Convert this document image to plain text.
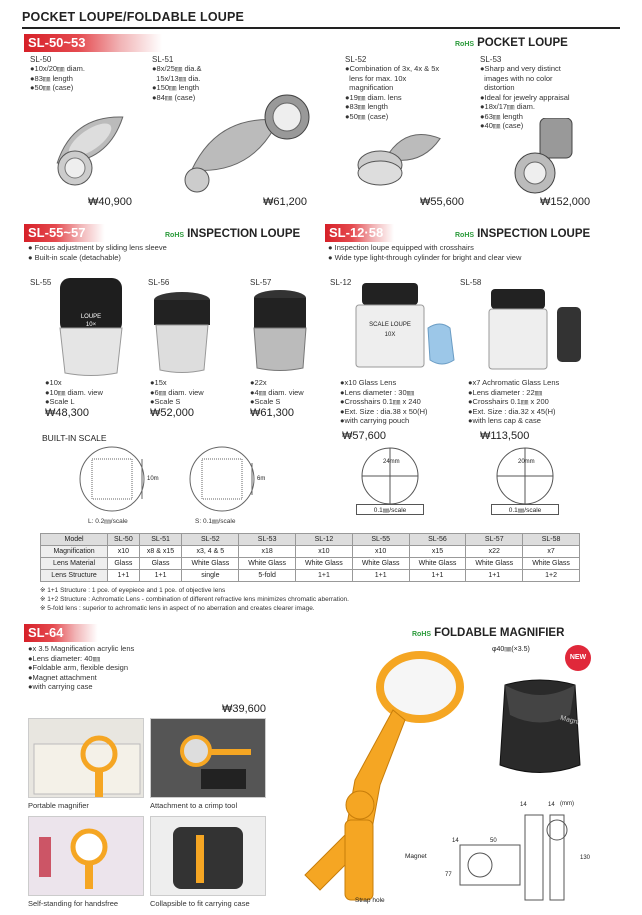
POCKET LOUPE/FOLDABLE LOUPE
SL-50~53	RoHS POCKET LOUPE
SL-50
●10x/20㎜ diam.
●83㎜ length
●50㎜ (case)
SL-51
●8x/25㎜ dia.&
15x/13㎜ dia.
●150㎜ length
●84㎜ (case)
SL-52
●Combination of 3x, 4x & 5x
lens for max. 10x
magnification
●19㎜ diam. lens
●83㎜ length
●50㎜ (case)
SL-53
●Sharp and very distinct
images with no color
distortion
●Ideal for jewelry appraisal
●18x/17㎜ diam.
●63㎜ length
●40㎜ (case)
₩40,900	₩61,200	₩55,600	₩152,000
SL-55~57	RoHS INSPECTION LOUPE
● Focus adjustment by sliding lens sleeve
● Built-in scale (detachable)
SL-55	SL-56	SL-57
LOUPE
10×
●10x
●10㎜ diam. view
●Scale L
●15x
●6㎜ diam. view
●Scale S
●22x
●4㎜ diam. view
●Scale S
₩48,300	₩52,000	₩61,300
BUILT-IN SCALE
10m
L: 0.2㎜/scale
6m
S: 0.1㎜/scale
SL-12·58	RoHS INSPECTION LOUPE
● Inspection loupe equipped with crosshairs
● Wide type light-through cylinder for bright and clear view
SL-12	SL-58
SCALE LOUPE
10X
●x10 Glass Lens
●Lens diameter : 30㎜
●Crosshairs 0.1㎜ x 240
●Ext. Size : dia.38 x 50(H)
●with carrying pouch
●x7 Achromatic Glass Lens
●Lens diameter : 22㎜
●Crosshairs 0.1㎜ x 200
●Ext. Size : dia.32 x 45(H)
●with lens cap & case
₩57,600	₩113,500
24mm
0.1㎜/scale
20mm
0.1㎜/scale
Model	SL-50	SL-51	SL-52	SL-53	SL-12	SL-55	SL-56	SL-57	SL-58
Magnification	x10	x8 & x15	x3, 4 & 5	x18	x10	x10	x15	x22	x7
Lens Material	Glass	Glass	White Glass	White Glass	White Glass	White Glass	White Glass	White Glass	White Glass
Lens Structure	1+1	1+1	single	5-fold	1+1	1+1	1+1	1+1	1+2
※ 1+1 Structure : 1 pce. of eyepiece and 1 pce. of objective lens
※ 1+2 Structure : Achromatic Lens - combination of different refractive lens minimizes chromatic aberration.
※ 5-fold lens : superior to achromatic lens in aspect of no aberration and creates clearer image.
SL-64	RoHS FOLDABLE MAGNIFIER
●x 3.5 Magnification acrylic lens
●Lens diameter: 40㎜
●Foldable arm, flexible design
●Magnet attachment
●with carrying case
₩39,600
NEW
φ40㎜(×3.5)
Portable magnifier	Attachment to a crimp tool
Self-standing for handsfree	Collapsible to fit carrying case
Magnet
Strap hole
Magni
(mm)
14	50
77
14
130
14
